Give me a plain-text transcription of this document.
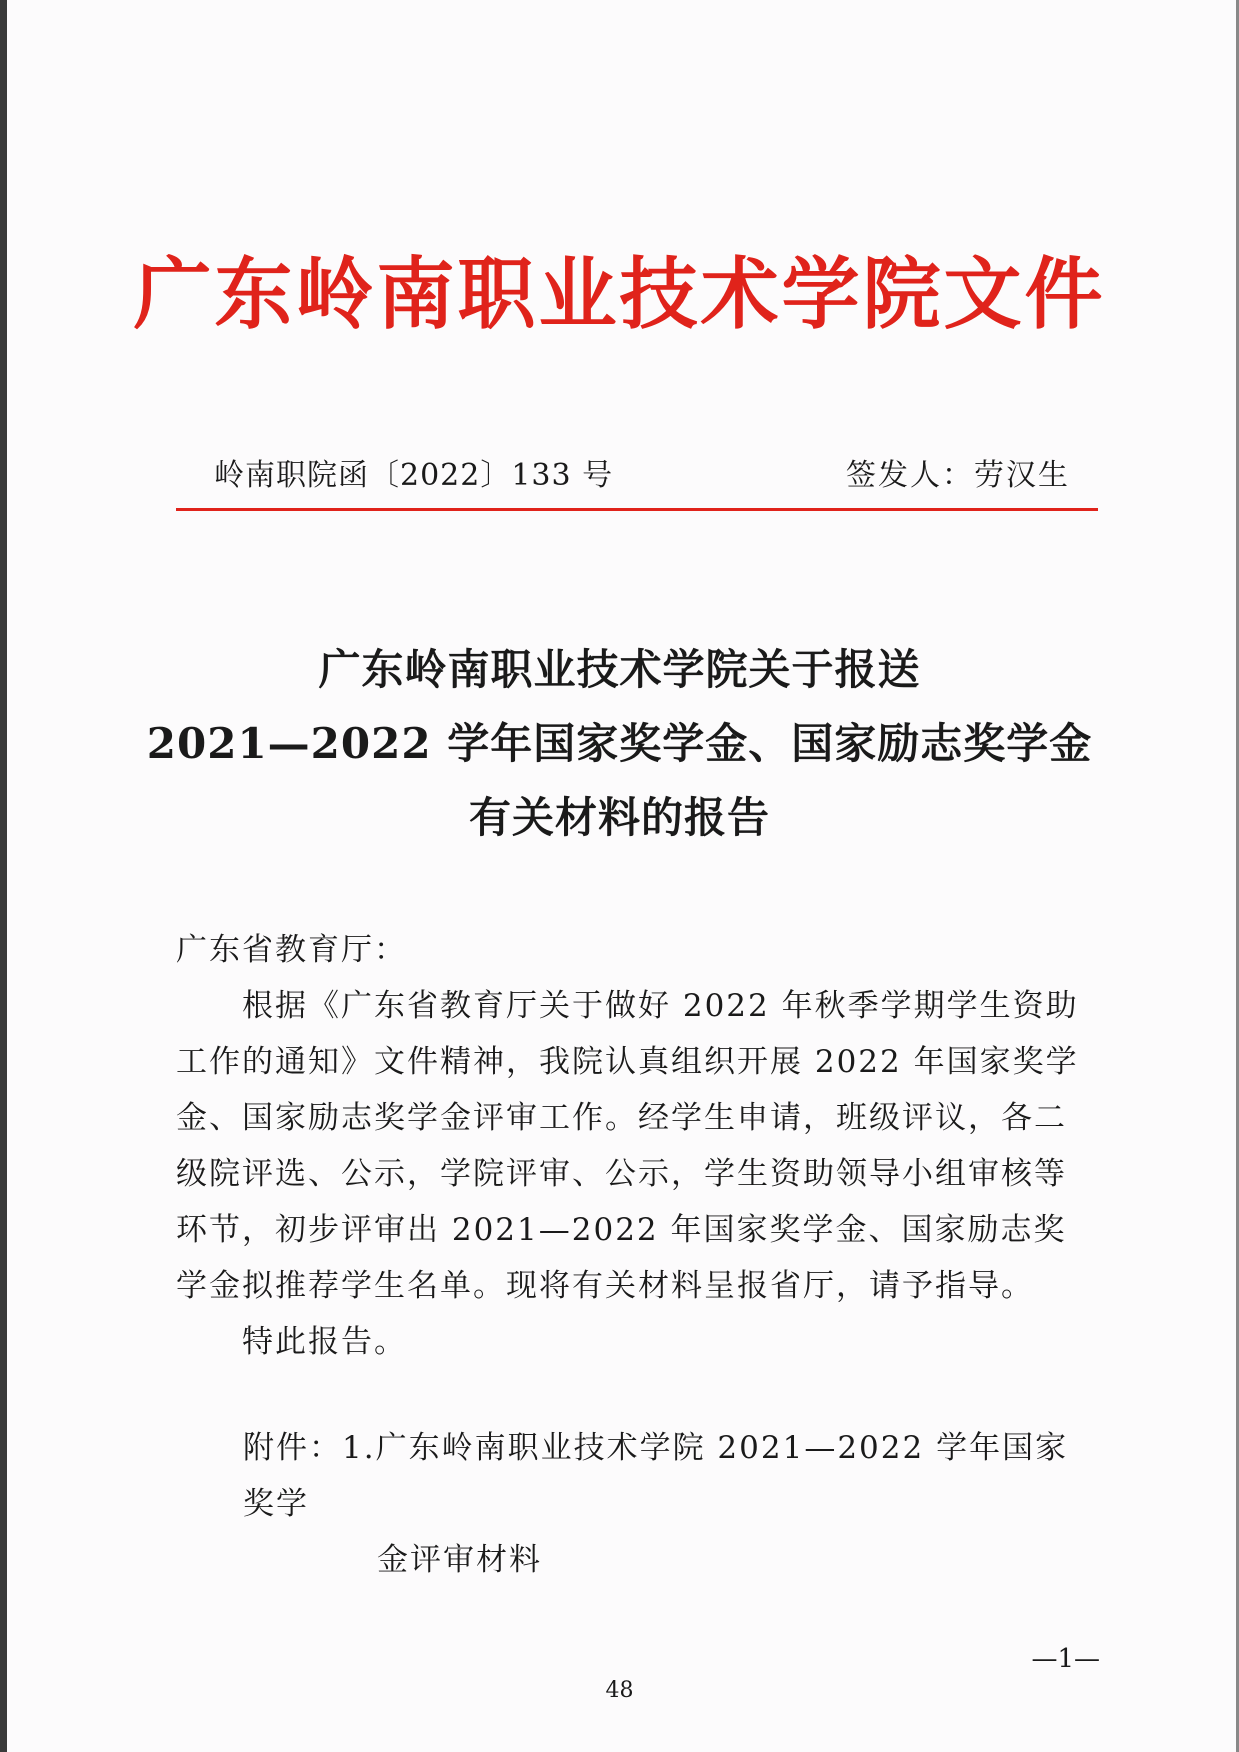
广东岭南职业技术学院文件
岭南职院函〔2022〕133 号	签发人：劳汉生
广东岭南职业技术学院关于报送
2021—2022 学年国家奖学金、国家励志奖学金
有关材料的报告

广东省教育厅：

根据《广东省教育厅关于做好 2022 年秋季学期学生资助工作的通知》文件精神，我院认真组织开展 2022 年国家奖学金、国家励志奖学金评审工作。经学生申请，班级评议，各二级院评选、公示，学院评审、公示，学生资助领导小组审核等环节，初步评审出 2021—2022 年国家奖学金、国家励志奖学金拟推荐学生名单。现将有关材料呈报省厅，请予指导。

特此报告。

附件：1.广东岭南职业技术学院 2021—2022 学年国家奖学
金评审材料
—1—
48
